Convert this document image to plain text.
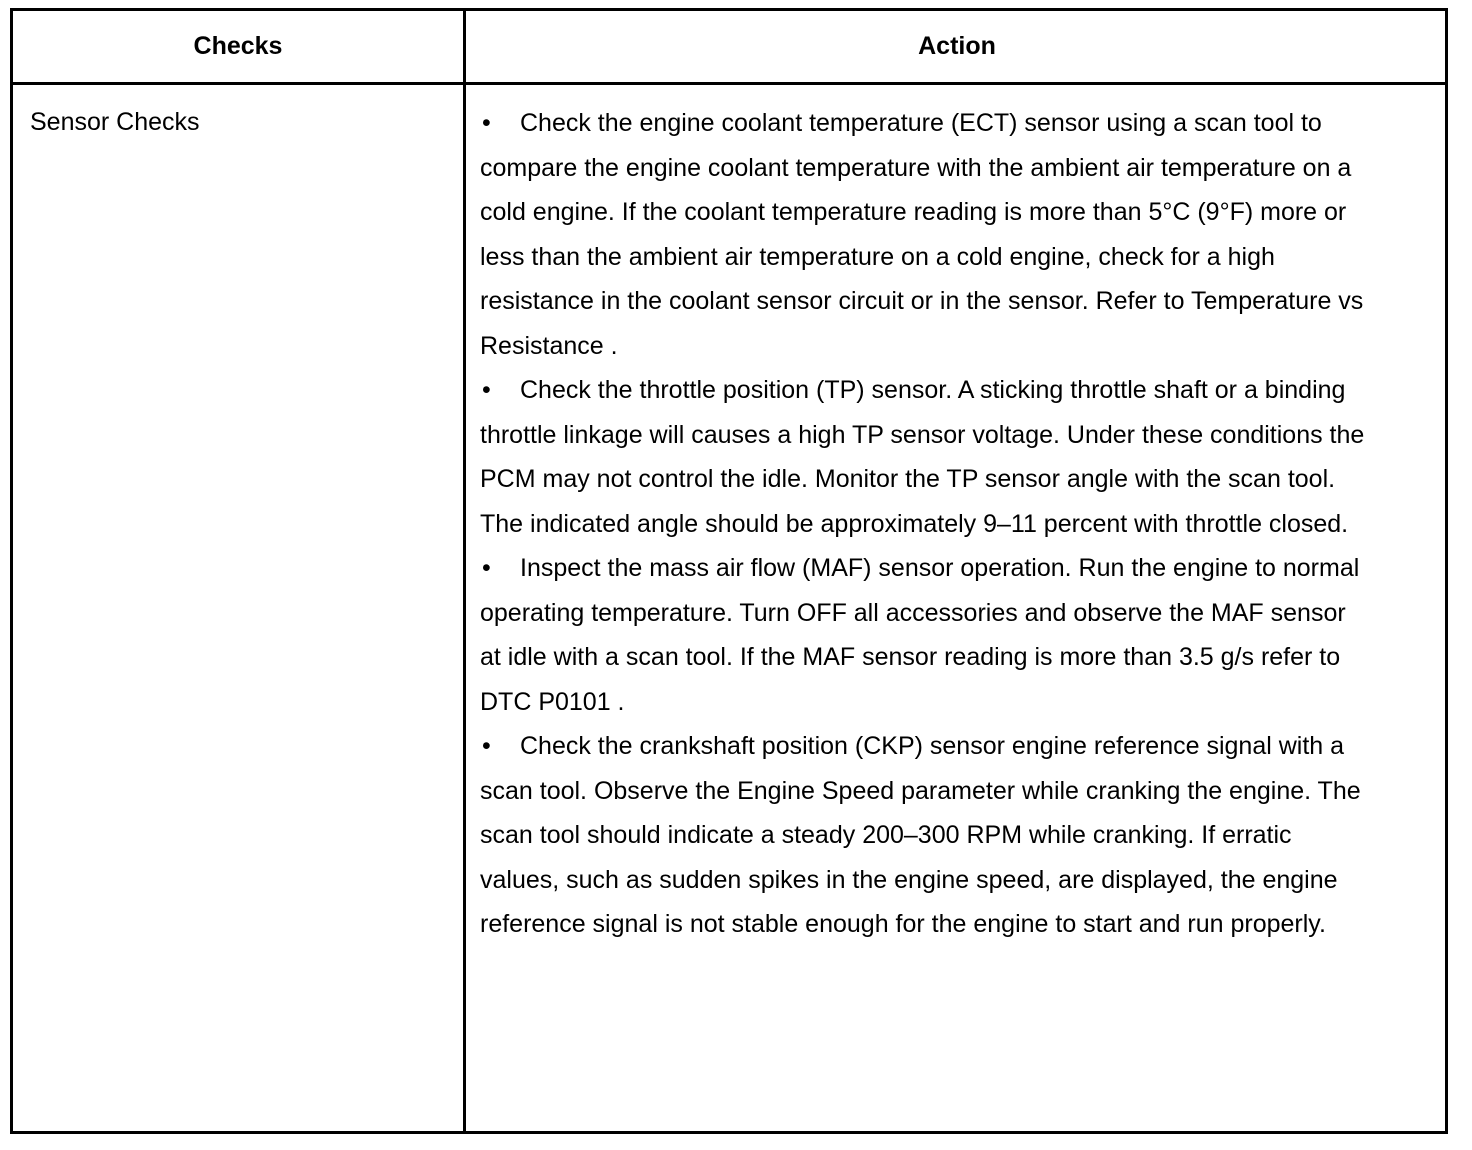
Checks	Action
Sensor Checks	• Check the engine coolant temperature (ECT) sensor using a scan tool to compare the engine coolant temperature with the ambient air temperature on a cold engine. If the coolant temperature reading is more than 5°C (9°F) more or less than the ambient air temperature on a cold engine, check for a high resistance in the coolant sensor circuit or in the sensor. Refer to Temperature vs Resistance .

• Check the throttle position (TP) sensor. A sticking throttle shaft or a binding throttle linkage will causes a high TP sensor voltage. Under these conditions the PCM may not control the idle. Monitor the TP sensor angle with the scan tool. The indicated angle should be approximately 9–11 percent with throttle closed.

• Inspect the mass air flow (MAF) sensor operation. Run the engine to normal operating temperature. Turn OFF all accessories and observe the MAF sensor at idle with a scan tool. If the MAF sensor reading is more than 3.5 g/s refer to DTC P0101 .

• Check the crankshaft position (CKP) sensor engine reference signal with a scan tool. Observe the Engine Speed parameter while cranking the engine. The scan tool should indicate a steady 200–300 RPM while cranking. If erratic values, such as sudden spikes in the engine speed, are displayed, the engine reference signal is not stable enough for the engine to start and run properly.
